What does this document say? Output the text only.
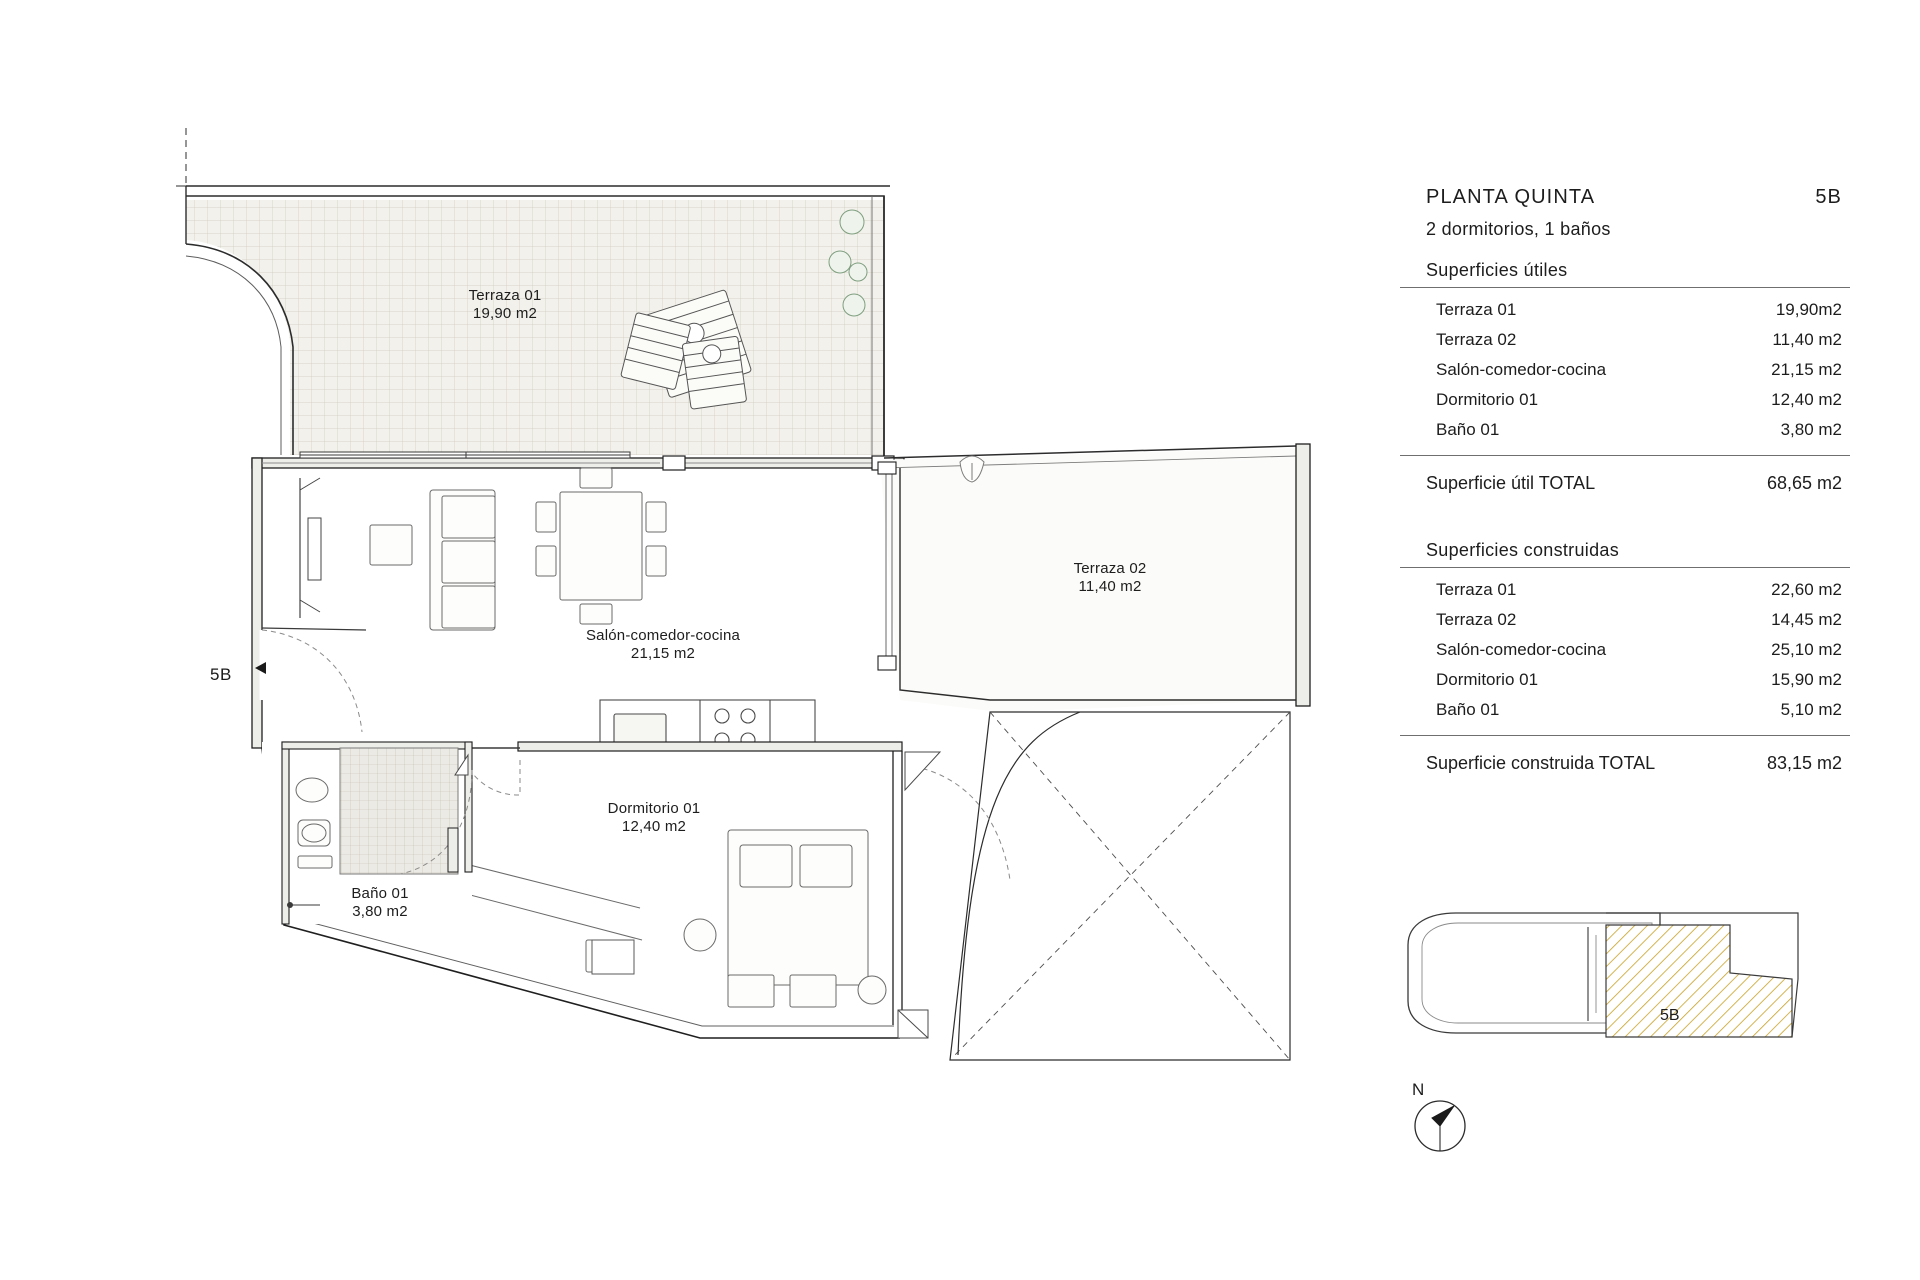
Terraza 01
19,90 m2
Terraza 02
11,40 m2
Salón-comedor-cocina
21,15 m2
Dormitorio 01
12,40 m2
Baño 01
3,80 m2
5B
PLANTA QUINTA	5B
2 dormitorios, 1 baños
Superficies útiles
Terraza 01	19,90m2
Terraza 02	11,40 m2
Salón-comedor-cocina	21,15 m2
Dormitorio 01	12,40 m2
Baño 01	3,80 m2
Superficie útil TOTAL	68,65 m2
Superficies construidas
Terraza 01	22,60 m2
Terraza 02	14,45 m2
Salón-comedor-cocina	25,10 m2
Dormitorio 01	15,90 m2
Baño 01	5,10 m2
Superficie construida TOTAL	83,15 m2
5B
N
